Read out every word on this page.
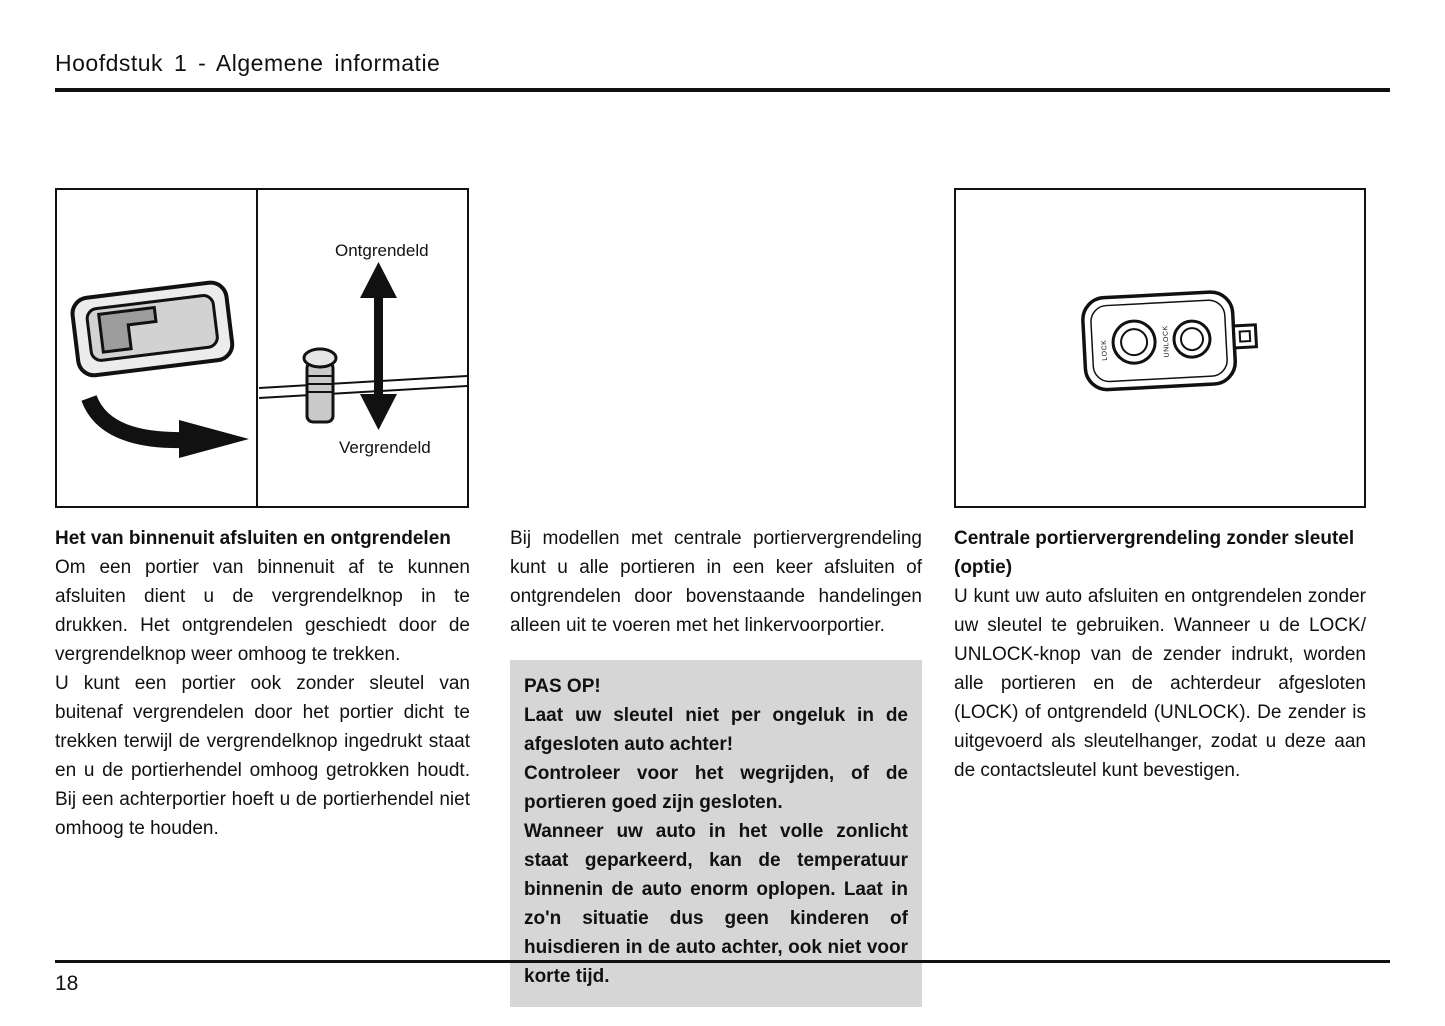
Hoofdstuk 1 - Algemene informatie
Ontgrendeld
Vergrendeld
LOCK	UNLOCK
Het van binnenuit afsluiten en ontgrendelen

Om een portier van binnenuit af te kunnen afsluiten dient u de vergrendelknop in te drukken. Het ontgrendelen geschiedt door de vergrendelknop weer omhoog te trekken.

U kunt een portier ook zonder sleutel van buitenaf vergrendelen door het portier dicht te trekken terwijl de vergrendelknop ingedrukt staat en u de portierhendel omhoog getrokken houdt. Bij een achterportier hoeft u de portierhendel niet omhoog te houden.

Bij modellen met centrale portiervergrendeling kunt u alle portieren in een keer afsluiten of ontgrendelen door bovenstaande handelingen alleen uit te voeren met het linkervoorportier.

PAS OP!

Laat uw sleutel niet per ongeluk in de afgesloten auto achter!

Controleer voor het wegrijden, of de portieren goed zijn gesloten.

Wanneer uw auto in het volle zonlicht staat geparkeerd, kan de temperatuur binnenin de auto enorm oplopen. Laat in zo'n situatie dus geen kinderen of huisdieren in de auto achter, ook niet voor korte tijd.

Centrale portiervergrendeling zonder sleutel
(optie)

U kunt uw auto afsluiten en ontgrendelen zonder uw sleutel te gebruiken. Wanneer u de LOCK/ UNLOCK-knop van de zender indrukt, worden alle portieren en de achterdeur afgesloten (LOCK) of ontgrendeld (UNLOCK). De zender is uitgevoerd als sleutelhanger, zodat u deze aan de contactsleutel kunt bevestigen.

18
